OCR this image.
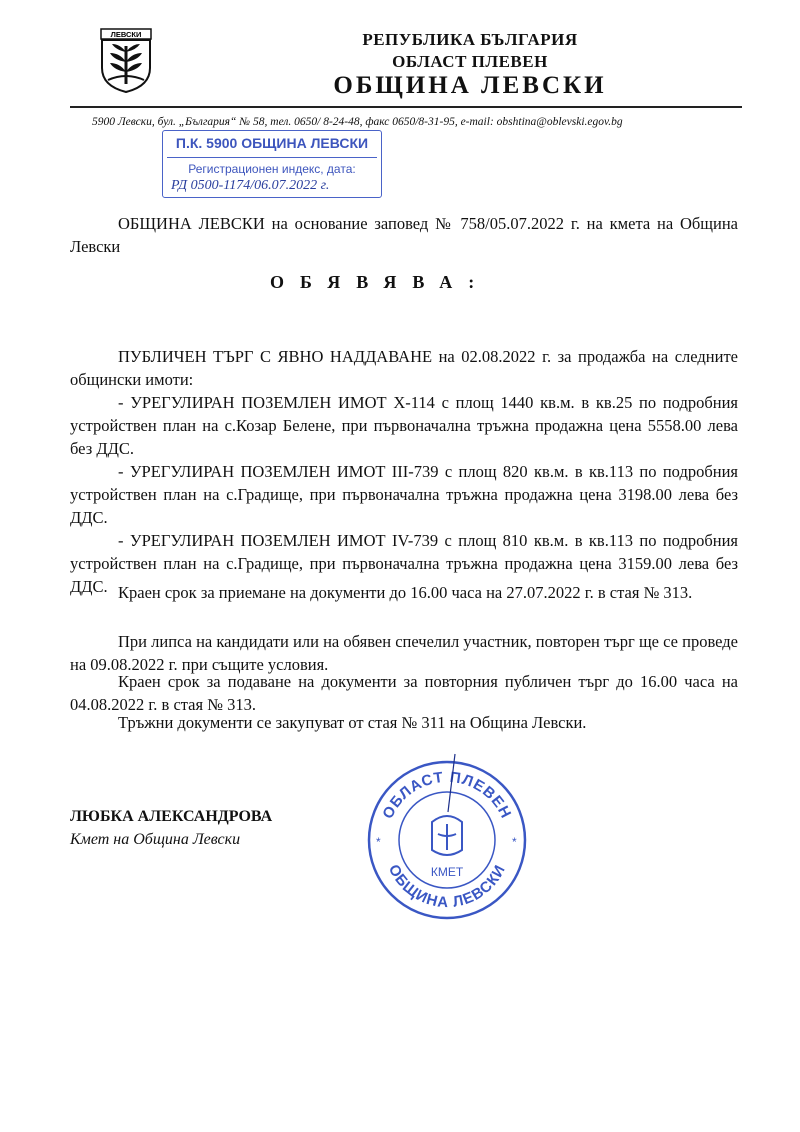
ЛЕВСКИ	РЕПУБЛИКА БЪЛГАРИЯ
ОБЛАСТ ПЛЕВЕН
ОБЩИНА ЛЕВСКИ
5900 Левски, бул. „България“ № 58, тел. 0650/ 8-24-48, факс 0650/8-31-95, e-mail: obshtina@oblevski.egov.bg
П.К. 5900 ОБЩИНА ЛЕВСКИ
Регистрационен индекс, дата:
РД 0500-1174/06.07.2022 г.
ОБЩИНА ЛЕВСКИ на основание заповед № 758/05.07.2022 г. на кмета на Община Левски
ОБЯВЯВА:
ПУБЛИЧЕН ТЪРГ С ЯВНО НАДДАВАНЕ на 02.08.2022 г. за продажба на следните общински имоти:
- УРЕГУЛИРАН ПОЗЕМЛЕН ИМОТ Х-114 с площ 1440 кв.м. в кв.25 по подробния устройствен план на с.Козар Белене, при първоначална тръжна продажна цена 5558.00 лева без ДДС.
- УРЕГУЛИРАН ПОЗЕМЛЕН ИМОТ III-739 с площ 820 кв.м. в кв.113 по подробния устройствен план на с.Градище, при първоначална тръжна продажна цена 3198.00 лева без ДДС.
- УРЕГУЛИРАН ПОЗЕМЛЕН ИМОТ IV-739 с площ 810 кв.м. в кв.113 по подробния устройствен план на с.Градище, при първоначална тръжна продажна цена 3159.00 лева без ДДС. Краен срок за приемане на документи до 16.00 часа на 27.07.2022 г. в стая № 313.
При липса на кандидати или на обявен спечелил участник, повторен търг ще се проведе на 09.08.2022 г. при същите условия.
Краен срок за подаване на документи за повторния публичен търг до 16.00 часа на 04.08.2022 г. в стая № 313.
Тръжни документи се закупуват от стая № 311 на Община Левски.
ЛЮБКА АЛЕКСАНДРОВА
Кмет на Община Левски
ОБЛАСТ ПЛЕВЕН
ОБЩИНА ЛЕВСКИ
*	*
КМЕТ
